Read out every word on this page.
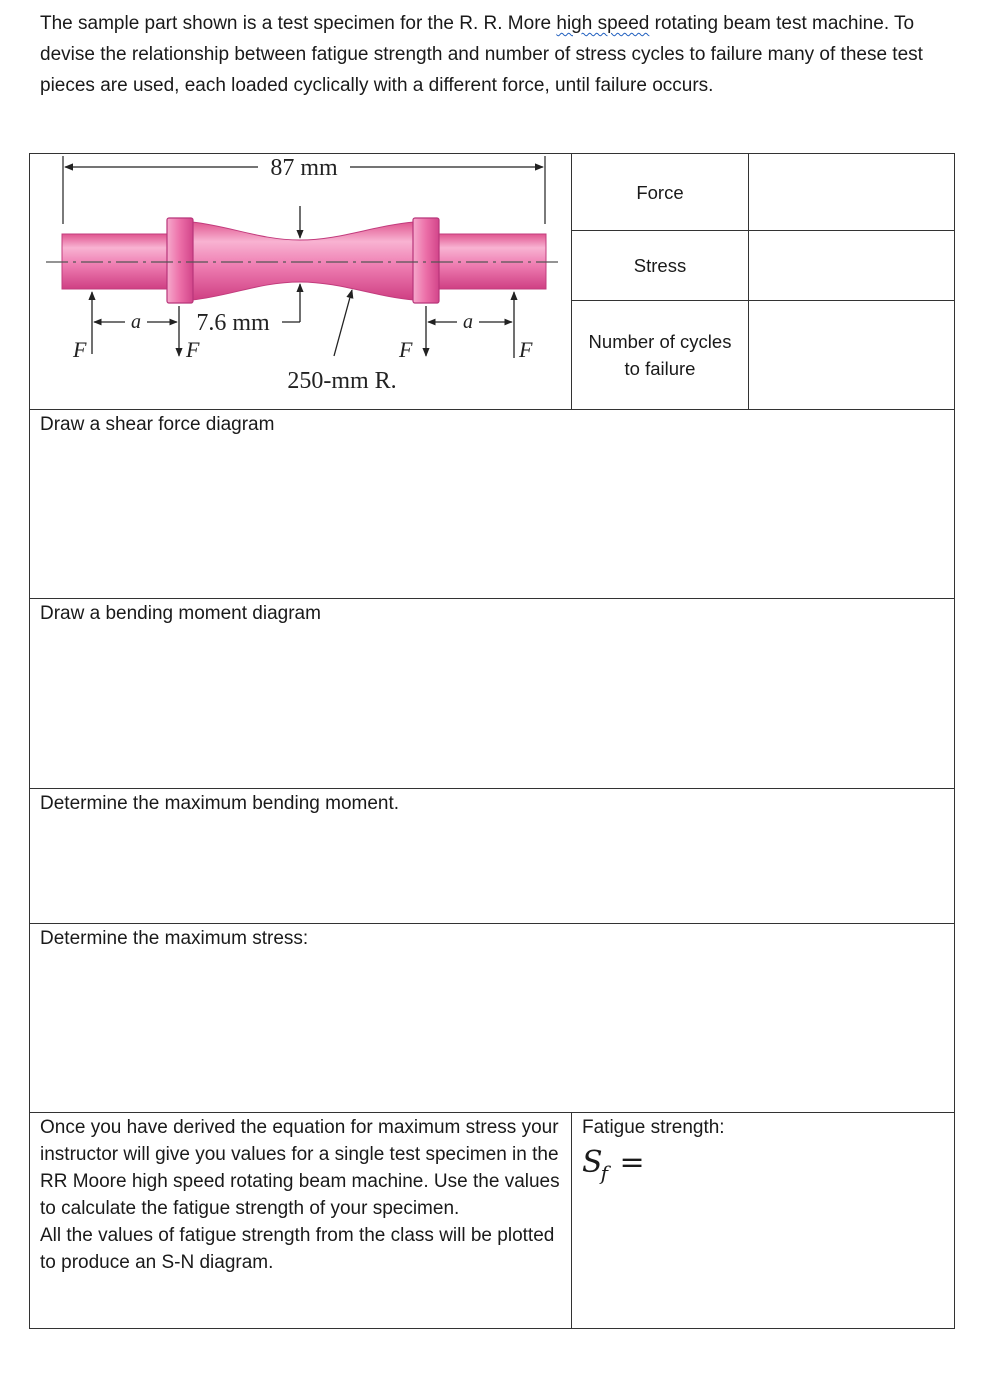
The sample part shown is a test specimen for the R. R. More high speed rotating beam test machine. To devise the relationship between fatigue strength and number of stress cycles to failure many of these test pieces are used, each loaded cyclically with a different force, until failure occurs.
87 mm
7.6 mm
250-mm R.
F	F	F	F
a	a
Force
Stress
Number of cycles
to failure
Draw a shear force diagram
Draw a bending moment diagram
Determine the maximum bending moment.
Determine the maximum stress:
Once you have derived the equation for maximum stress your instructor will give you values for a single test specimen in the RR Moore high speed rotating beam machine. Use the values to calculate the fatigue strength of your specimen.
All the values of fatigue strength from the class will be plotted to produce an S-N diagram.
Fatigue strength:
$S_f$ =
